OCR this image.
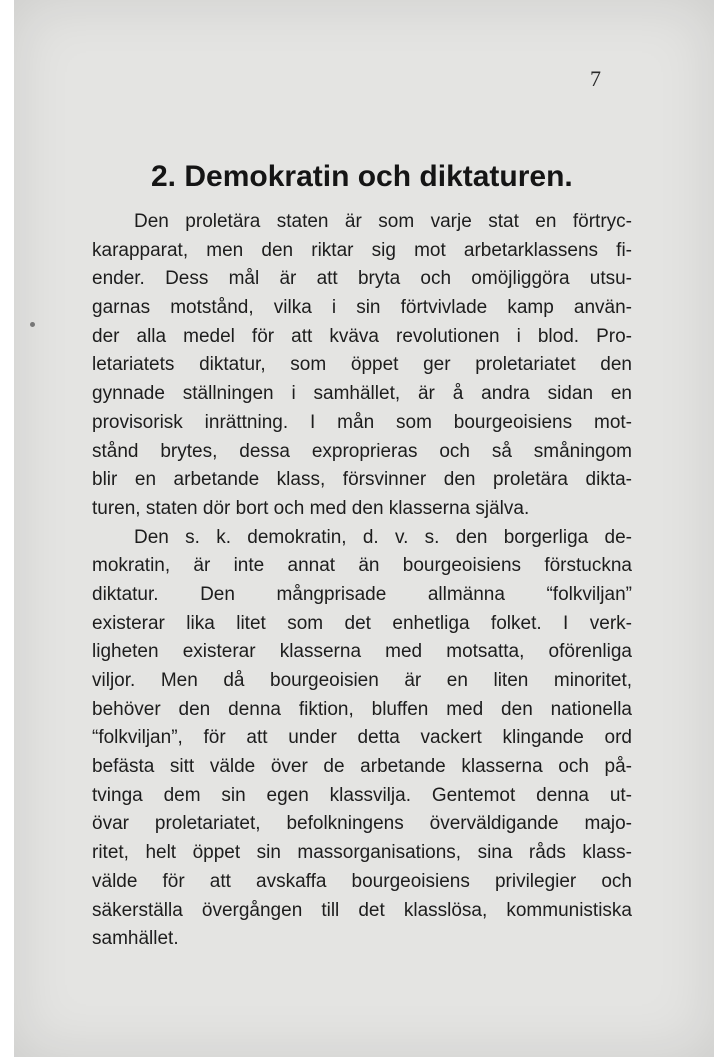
7
2. Demokratin och diktaturen.
Den proletära staten är som varje stat en förtryc-
karapparat, men den riktar sig mot arbetarklassens fi-
ender. Dess mål är att bryta och omöjliggöra utsu-
garnas motstånd, vilka i sin förtvivlade kamp använ-
der alla medel för att kväva revolutionen i blod. Pro-
letariatets diktatur, som öppet ger proletariatet den
gynnade ställningen i samhället, är å andra sidan en
provisorisk inrättning. I mån som bourgeoisiens mot-
stånd brytes, dessa exproprieras och så småningom
blir en arbetande klass, försvinner den proletära dikta-
turen, staten dör bort och med den klasserna själva.
Den s. k. demokratin, d. v. s. den borgerliga de-
mokratin, är inte annat än bourgeoisiens förstuckna
diktatur. Den mångprisade allmänna “folkviljan”
existerar lika litet som det enhetliga folket. I verk-
ligheten existerar klasserna med motsatta, oförenliga
viljor. Men då bourgeoisien är en liten minoritet,
behöver den denna fiktion, bluffen med den nationella
“folkviljan”, för att under detta vackert klingande ord
befästa sitt välde över de arbetande klasserna och på-
tvinga dem sin egen klassvilja. Gentemot denna ut-
övar proletariatet, befolkningens överväldigande majo-
ritet, helt öppet sin massorganisations, sina råds klass-
välde för att avskaffa bourgeoisiens privilegier och
säkerställa övergången till det klasslösa, kommunistiska
samhället.
